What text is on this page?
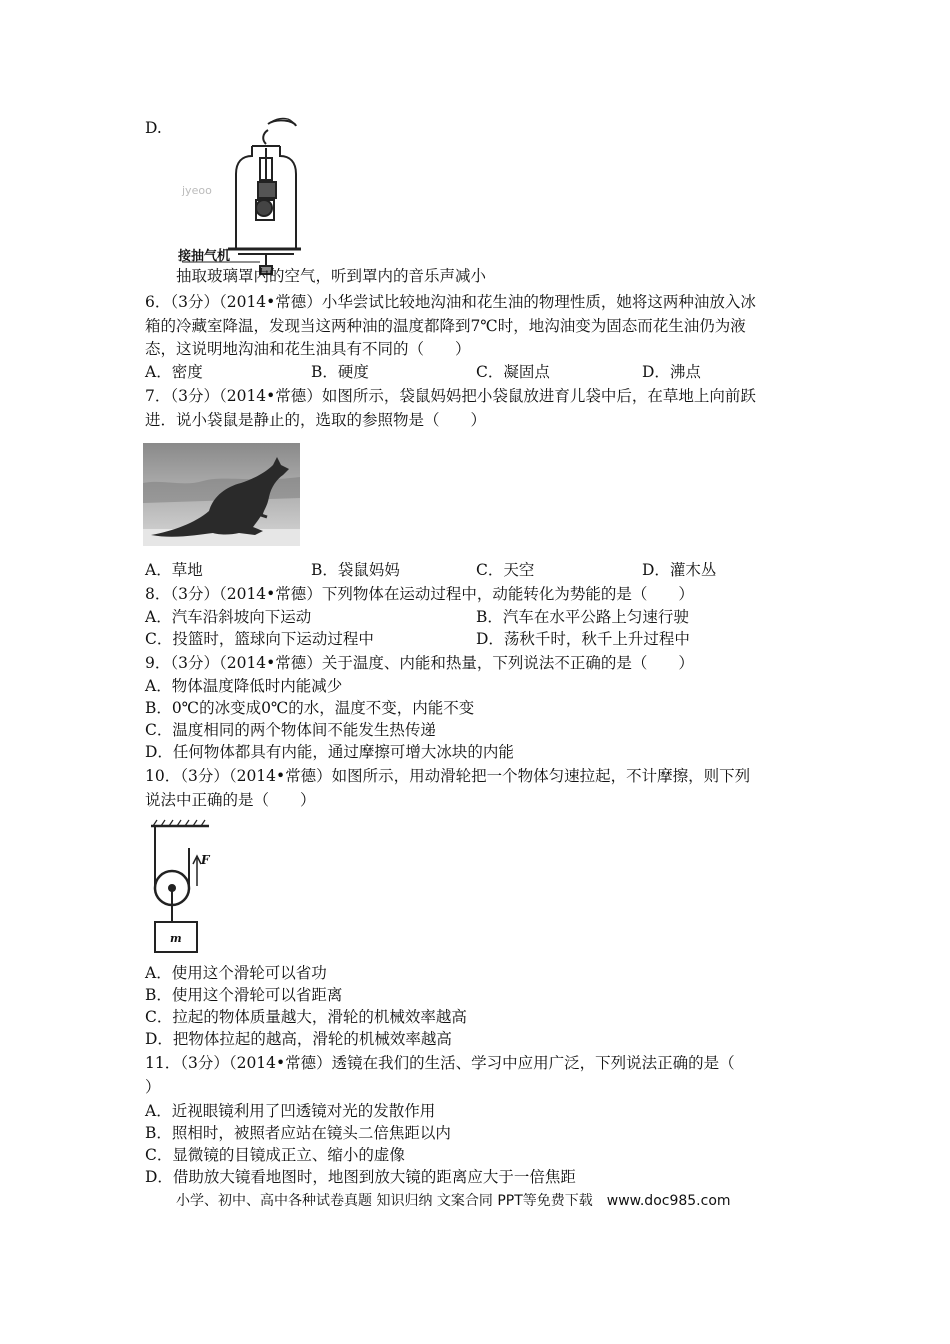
D.
jyeoo
接抽气机
抽取玻璃罩内的空气，听到罩内的音乐声减小
6．（3分）（2014•常德）小华尝试比较地沟油和花生油的物理性质，她将这两种油放入冰
箱的冷藏室降温，发现当这两种油的温度都降到7℃时，地沟油变为固态而花生油仍为液
态，这说明地沟油和花生油具有不同的（　　）
A．密度	B．硬度	C．凝固点	D．沸点
7．（3分）（2014•常德）如图所示，袋鼠妈妈把小袋鼠放进育儿袋中后，在草地上向前跃
进．说小袋鼠是静止的，选取的参照物是（　　）
A．草地	B．袋鼠妈妈	C．天空	D．灌木丛
8．（3分）（2014•常德）下列物体在运动过程中，动能转化为势能的是（　　）
A．汽车沿斜坡向下运动	B．汽车在水平公路上匀速行驶
C．投篮时，篮球向下运动过程中	D．荡秋千时，秋千上升过程中
9．（3分）（2014•常德）关于温度、内能和热量，下列说法不正确的是（　　）
A．物体温度降低时内能减少
B．0℃的冰变成0℃的水，温度不变，内能不变
C．温度相同的两个物体间不能发生热传递
D．任何物体都具有内能，通过摩擦可增大冰块的内能
10．（3分）（2014•常德）如图所示，用动滑轮把一个物体匀速拉起，不计摩擦，则下列
说法中正确的是（　　）
F
m
A．使用这个滑轮可以省功
B．使用这个滑轮可以省距离
C．拉起的物体质量越大，滑轮的机械效率越高
D．把物体拉起的越高，滑轮的机械效率越高
11．（3分）（2014•常德）透镜在我们的生活、学习中应用广泛，下列说法正确的是（
）
A．近视眼镜利用了凹透镜对光的发散作用
B．照相时，被照者应站在镜头二倍焦距以内
C．显微镜的目镜成正立、缩小的虚像
D．借助放大镜看地图时，地图到放大镜的距离应大于一倍焦距
小学、初中、高中各种试卷真题 知识归纳 文案合同 PPT等免费下载　www.doc985.com
